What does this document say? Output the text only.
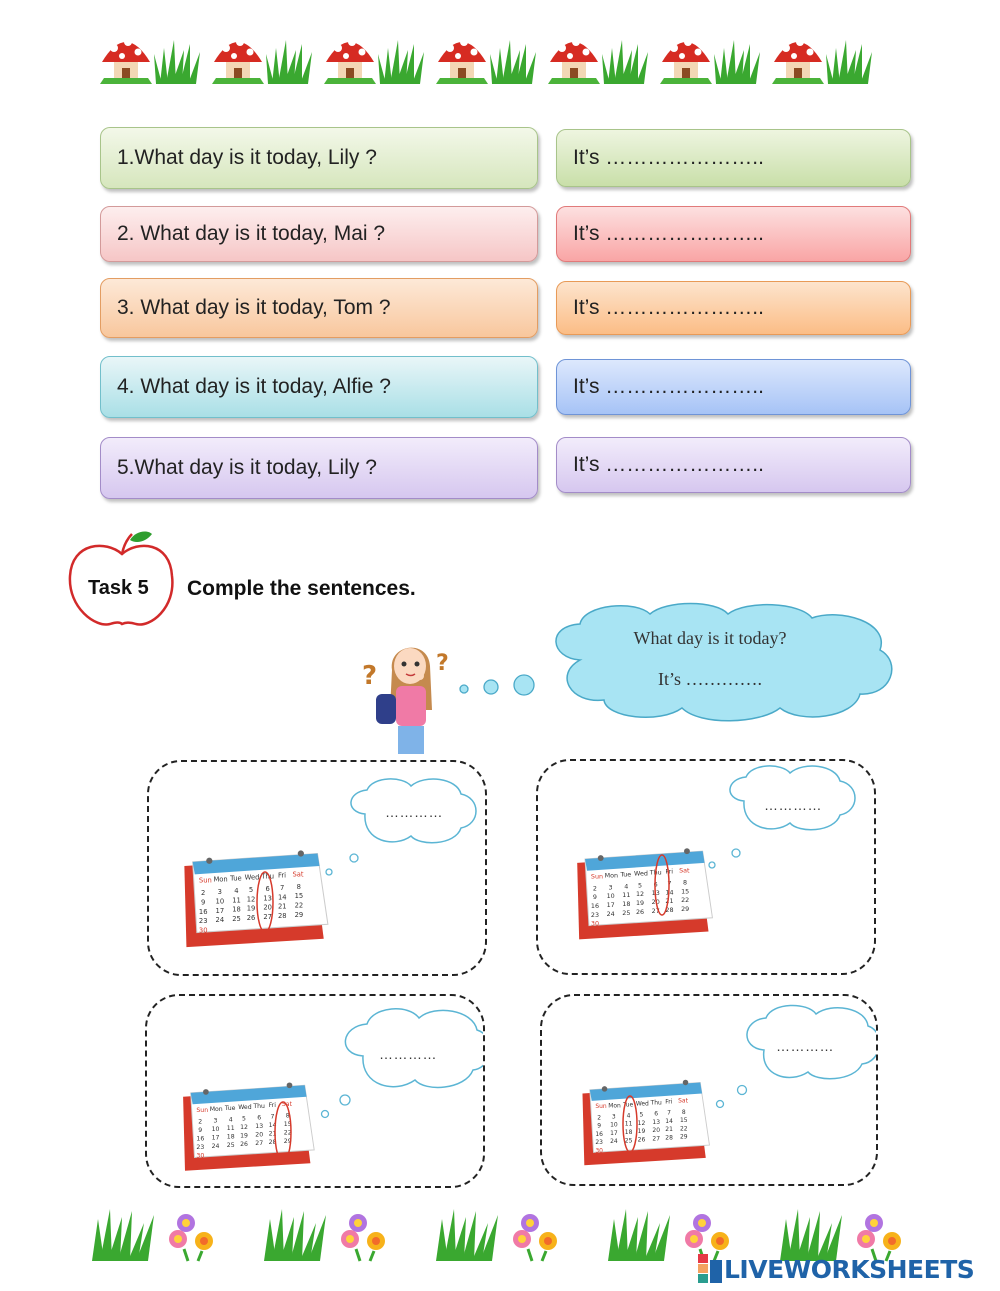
1.What day is it today, Lily ?	It’s …………………..
2. What day is it today, Mai ?	It’s …………………..
3. What day is it today, Tom ?	It’s …………………..
4. What day is it today, Alfie ?	It’s …………………..
5.What day is it today, Lily ?	It’s …………………..
Task 5 Comple the sentences.
?	?
What day is it today?
It’s ………….
…………	…………
…………	…………
LIVEWORKSHEETS
